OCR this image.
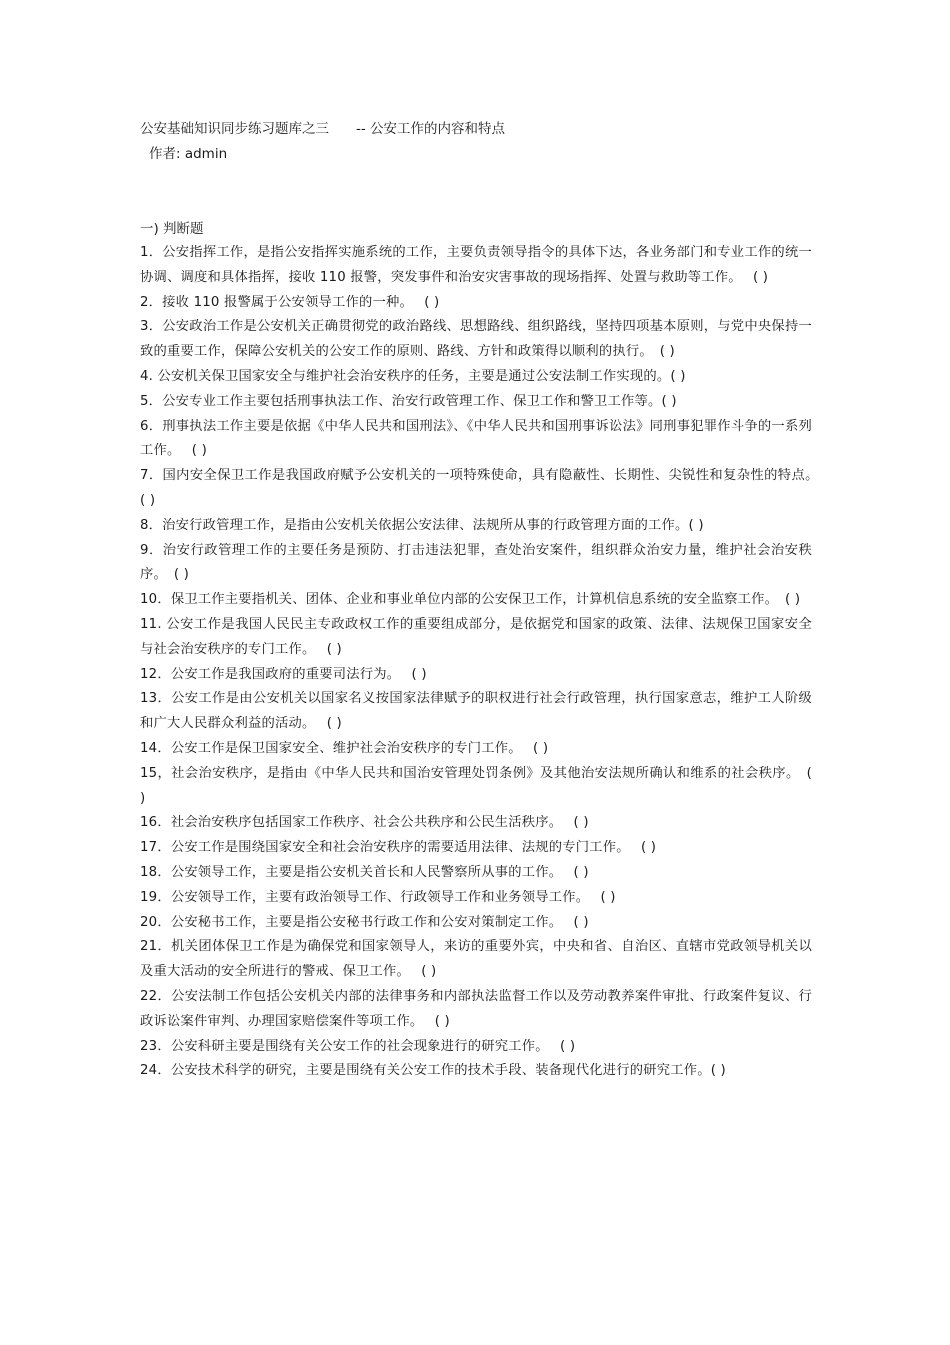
公安基础知识同步练习题库之三　　-- 公安工作的内容和特点

作者: admin

一) 判断题

1．公安指挥工作，是指公安指挥实施系统的工作，主要负责领导指令的具体下达，各业务部门和专业工作的统一协调、调度和具体指挥，接收 110 报警，突发事件和治安灾害事故的现场指挥、处置与救助等工作。　 ( )

2．接收 110 报警属于公安领导工作的一种。　 ( )

3．公安政治工作是公安机关正确贯彻党的政治路线、思想路线、组织路线，坚持四项基本原则，与党中央保持一致的重要工作，保障公安机关的公安工作的原则、路线、方针和政策得以顺利的执行。　( )

4. 公安机关保卫国家安全与维护社会治安秩序的任务，主要是通过公安法制工作实现的。( )

5．公安专业工作主要包括刑事执法工作、治安行政管理工作、保卫工作和警卫工作等。( )

6．刑事执法工作主要是依据《中华人民共和国刑法》、《中华人民共和国刑事诉讼法》同刑事犯罪作斗争的一系列工作。　 ( )

7．国内安全保卫工作是我国政府赋予公安机关的一项特殊使命，具有隐蔽性、长期性、尖锐性和复杂性的特点。　( )

8．治安行政管理工作，是指由公安机关依据公安法律、法规所从事的行政管理方面的工作。( )

9．治安行政管理工作的主要任务是预防、打击违法犯罪，查处治安案件，组织群众治安力量，维护社会治安秩序。　( )

10．保卫工作主要指机关、团体、企业和事业单位内部的公安保卫工作，计算机信息系统的安全监察工作。　( )

11. 公安工作是我国人民民主专政政权工作的重要组成部分，是依据党和国家的政策、法律、法规保卫国家安全与社会治安秩序的专门工作。　 ( )

12．公安工作是我国政府的重要司法行为。　 ( )

13．公安工作是由公安机关以国家名义按国家法律赋予的职权进行社会行政管理，执行国家意志，维护工人阶级和广大人民群众利益的活动。　 ( )

14．公安工作是保卫国家安全、维护社会治安秩序的专门工作。　 ( )

15，社会治安秩序，是指由《中华人民共和国治安管理处罚条例》及其他治安法规所确认和维系的社会秩序。　( )

16．社会治安秩序包括国家工作秩序、社会公共秩序和公民生活秩序。　 ( )

17．公安工作是围绕国家安全和社会治安秩序的需要适用法律、法规的专门工作。　 ( )

18．公安领导工作，主要是指公安机关首长和人民警察所从事的工作。　 ( )

19．公安领导工作，主要有政治领导工作、行政领导工作和业务领导工作。　 ( )

20．公安秘书工作，主要是指公安秘书行政工作和公安对策制定工作。　 ( )

21．机关团体保卫工作是为确保党和国家领导人，来访的重要外宾，中央和省、自治区、直辖市党政领导机关以及重大活动的安全所进行的警戒、保卫工作。　 ( )

22．公安法制工作包括公安机关内部的法律事务和内部执法监督工作以及劳动教养案件审批、行政案件复议、行政诉讼案件审判、办理国家赔偿案件等项工作。　 ( )

23．公安科研主要是围绕有关公安工作的社会现象进行的研究工作。　 ( )

24．公安技术科学的研究，主要是围绕有关公安工作的技术手段、装备现代化进行的研究工作。( )
